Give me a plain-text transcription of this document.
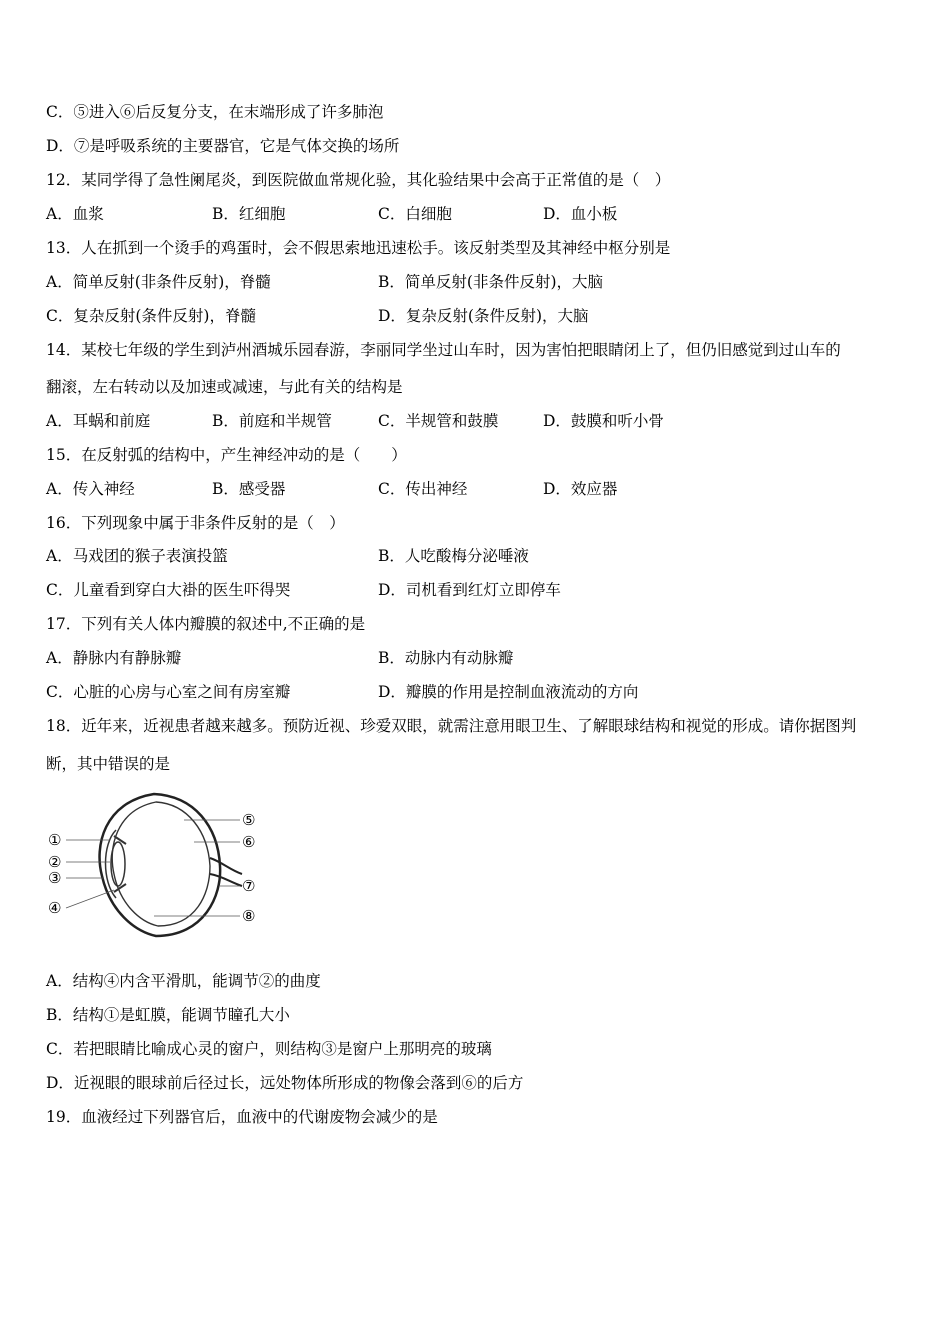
C．⑤进入⑥后反复分支，在末端形成了许多肺泡
D．⑦是呼吸系统的主要器官，它是气体交换的场所
12．某同学得了急性阑尾炎，到医院做血常规化验，其化验结果中会高于正常值的是（　）
A．血浆	B．红细胞	C．白细胞	D．血小板
13．人在抓到一个烫手的鸡蛋时，会不假思索地迅速松手。该反射类型及其神经中枢分别是
A．简单反射(非条件反射)，脊髓	B．简单反射(非条件反射)，大脑
C．复杂反射(条件反射)，脊髓	D．复杂反射(条件反射)，大脑
14．某校七年级的学生到泸州酒城乐园春游，李丽同学坐过山车时，因为害怕把眼睛闭上了，但仍旧感觉到过山车的
翻滚，左右转动以及加速或减速，与此有关的结构是
A．耳蜗和前庭	B．前庭和半规管	C．半规管和鼓膜	D．鼓膜和听小骨
15．在反射弧的结构中，产生神经冲动的是（　　）
A．传入神经	B．感受器	C．传出神经	D．效应器
16．下列现象中属于非条件反射的是（　）
A．马戏团的猴子表演投篮	B．人吃酸梅分泌唾液
C．儿童看到穿白大褂的医生吓得哭	D．司机看到红灯立即停车
17．下列有关人体内瓣膜的叙述中,不正确的是
A．静脉内有静脉瓣	B．动脉内有动脉瓣
C．心脏的心房与心室之间有房室瓣	D．瓣膜的作用是控制血液流动的方向
18．近年来，近视患者越来越多。预防近视、珍爱双眼，就需注意用眼卫生、了解眼球结构和视觉的形成。请你据图判
断，其中错误的是
①
②
③
④
⑤
⑥
⑦
⑧
A．结构④内含平滑肌，能调节②的曲度
B．结构①是虹膜，能调节瞳孔大小
C．若把眼睛比喻成心灵的窗户，则结构③是窗户上那明亮的玻璃
D．近视眼的眼球前后径过长，远处物体所形成的物像会落到⑥的后方
19．血液经过下列器官后，血液中的代谢废物会减少的是
